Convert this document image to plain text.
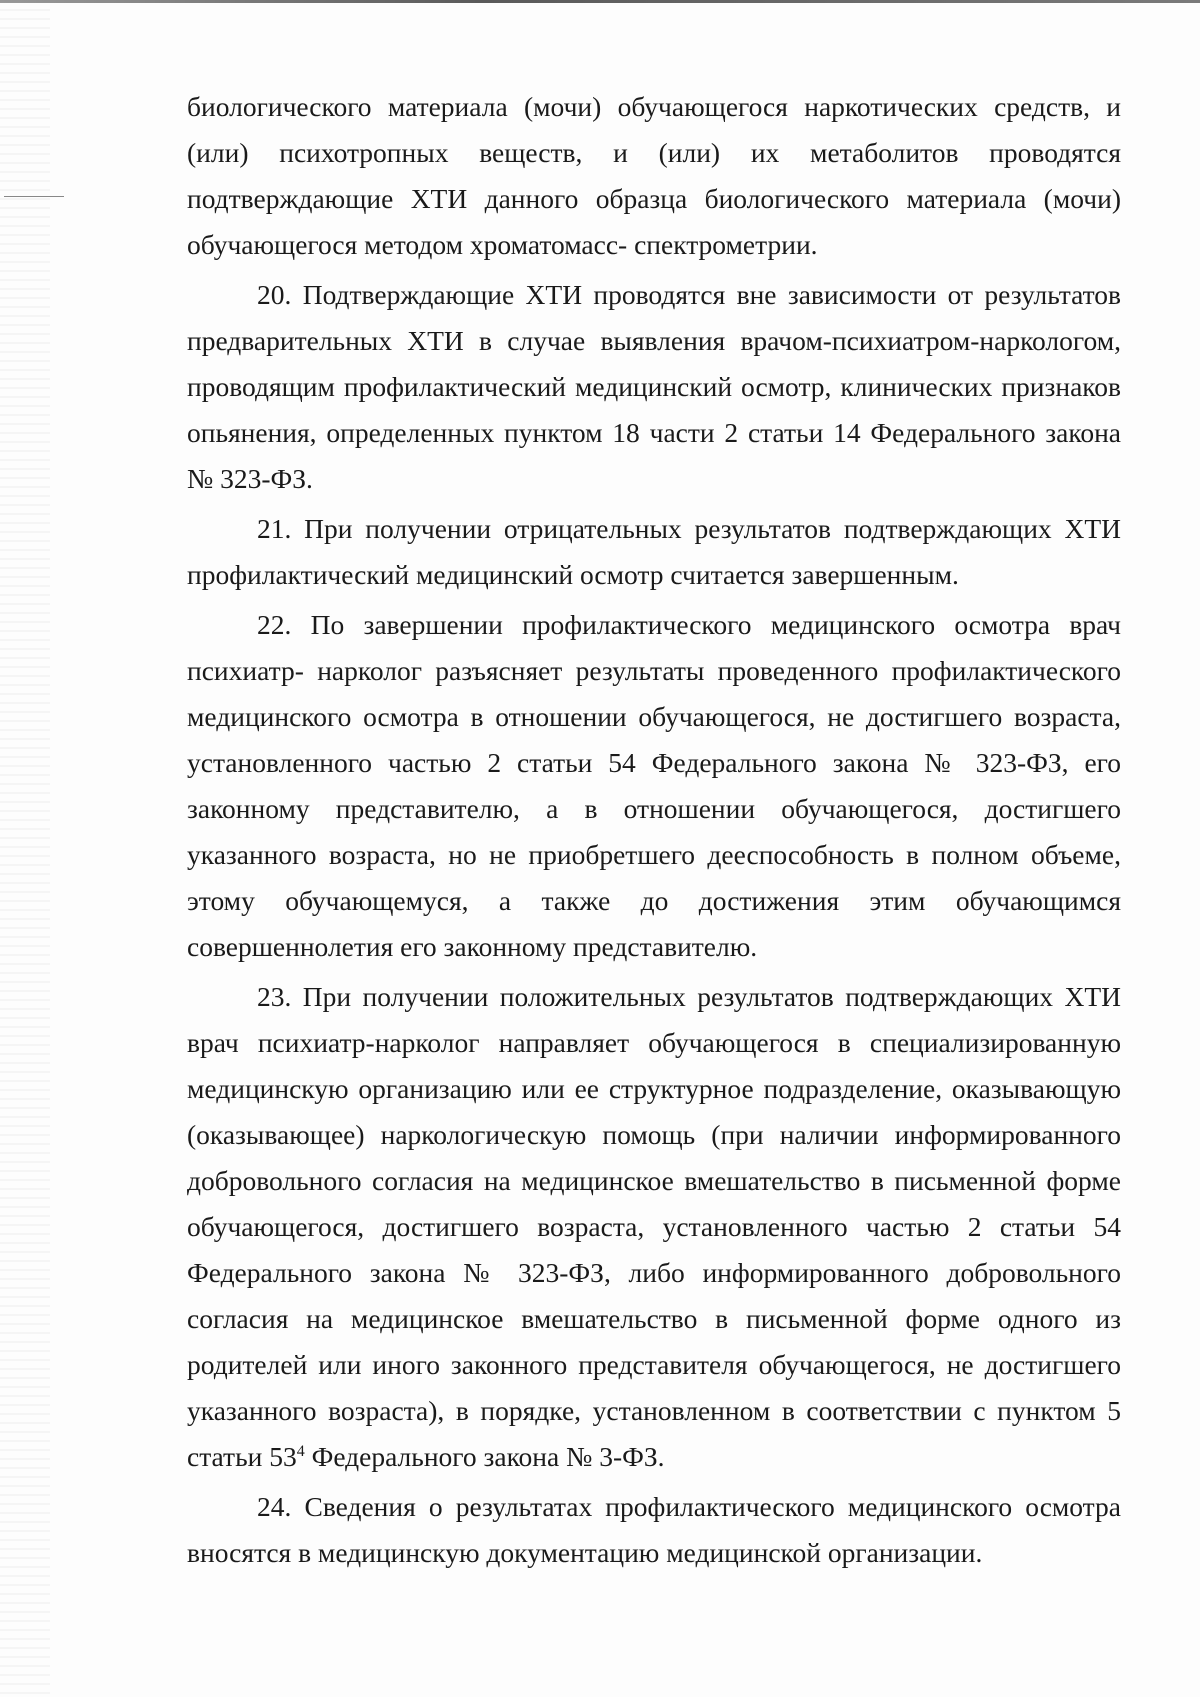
биологического материала (мочи) обучающегося наркотических средств, и (или) психотропных веществ, и (или) их метаболитов проводятся подтверждающие ХТИ данного образца биологического материала (мочи) обучающегося методом хроматомасс- спектрометрии.

20. Подтверждающие ХТИ проводятся вне зависимости от результатов предварительных ХТИ в случае выявления врачом-психиатром-наркологом, проводящим профилактический медицинский осмотр, клинических признаков опьянения, определенных пунктом 18 части 2 статьи 14 Федерального закона № 323-ФЗ.

21. При получении отрицательных результатов подтверждающих ХТИ профилактический медицинский осмотр считается завершенным.

22. По завершении профилактического медицинского осмотра врач психиатр- нарколог разъясняет результаты проведенного профилактического медицинского осмотра в отношении обучающегося, не достигшего возраста, установленного частью 2 статьи 54 Федерального закона № 323-ФЗ, его законному представителю, а в отношении обучающегося, достигшего указанного возраста, но не приобретшего дееспособность в полном объеме, этому обучающемуся, а также до достижения этим обучающимся совершеннолетия его законному представителю.

23. При получении положительных результатов подтверждающих ХТИ врач психиатр-нарколог направляет обучающегося в специализированную медицинскую организацию или ее структурное подразделение, оказывающую (оказывающее) наркологическую помощь (при наличии информированного добровольного согласия на медицинское вмешательство в письменной форме обучающегося, достигшего возраста, установленного частью 2 статьи 54 Федерального закона № 323-ФЗ, либо информированного добровольного согласия на медицинское вмешательство в письменной форме одного из родителей или иного законного представителя обучающегося, не достигшего указанного возраста), в порядке, установленном в соответствии с пунктом 5 статьи $53^4$ Федерального закона № 3-ФЗ.

24. Сведения о результатах профилактического медицинского осмотра вносятся в медицинскую документацию медицинской организации.
